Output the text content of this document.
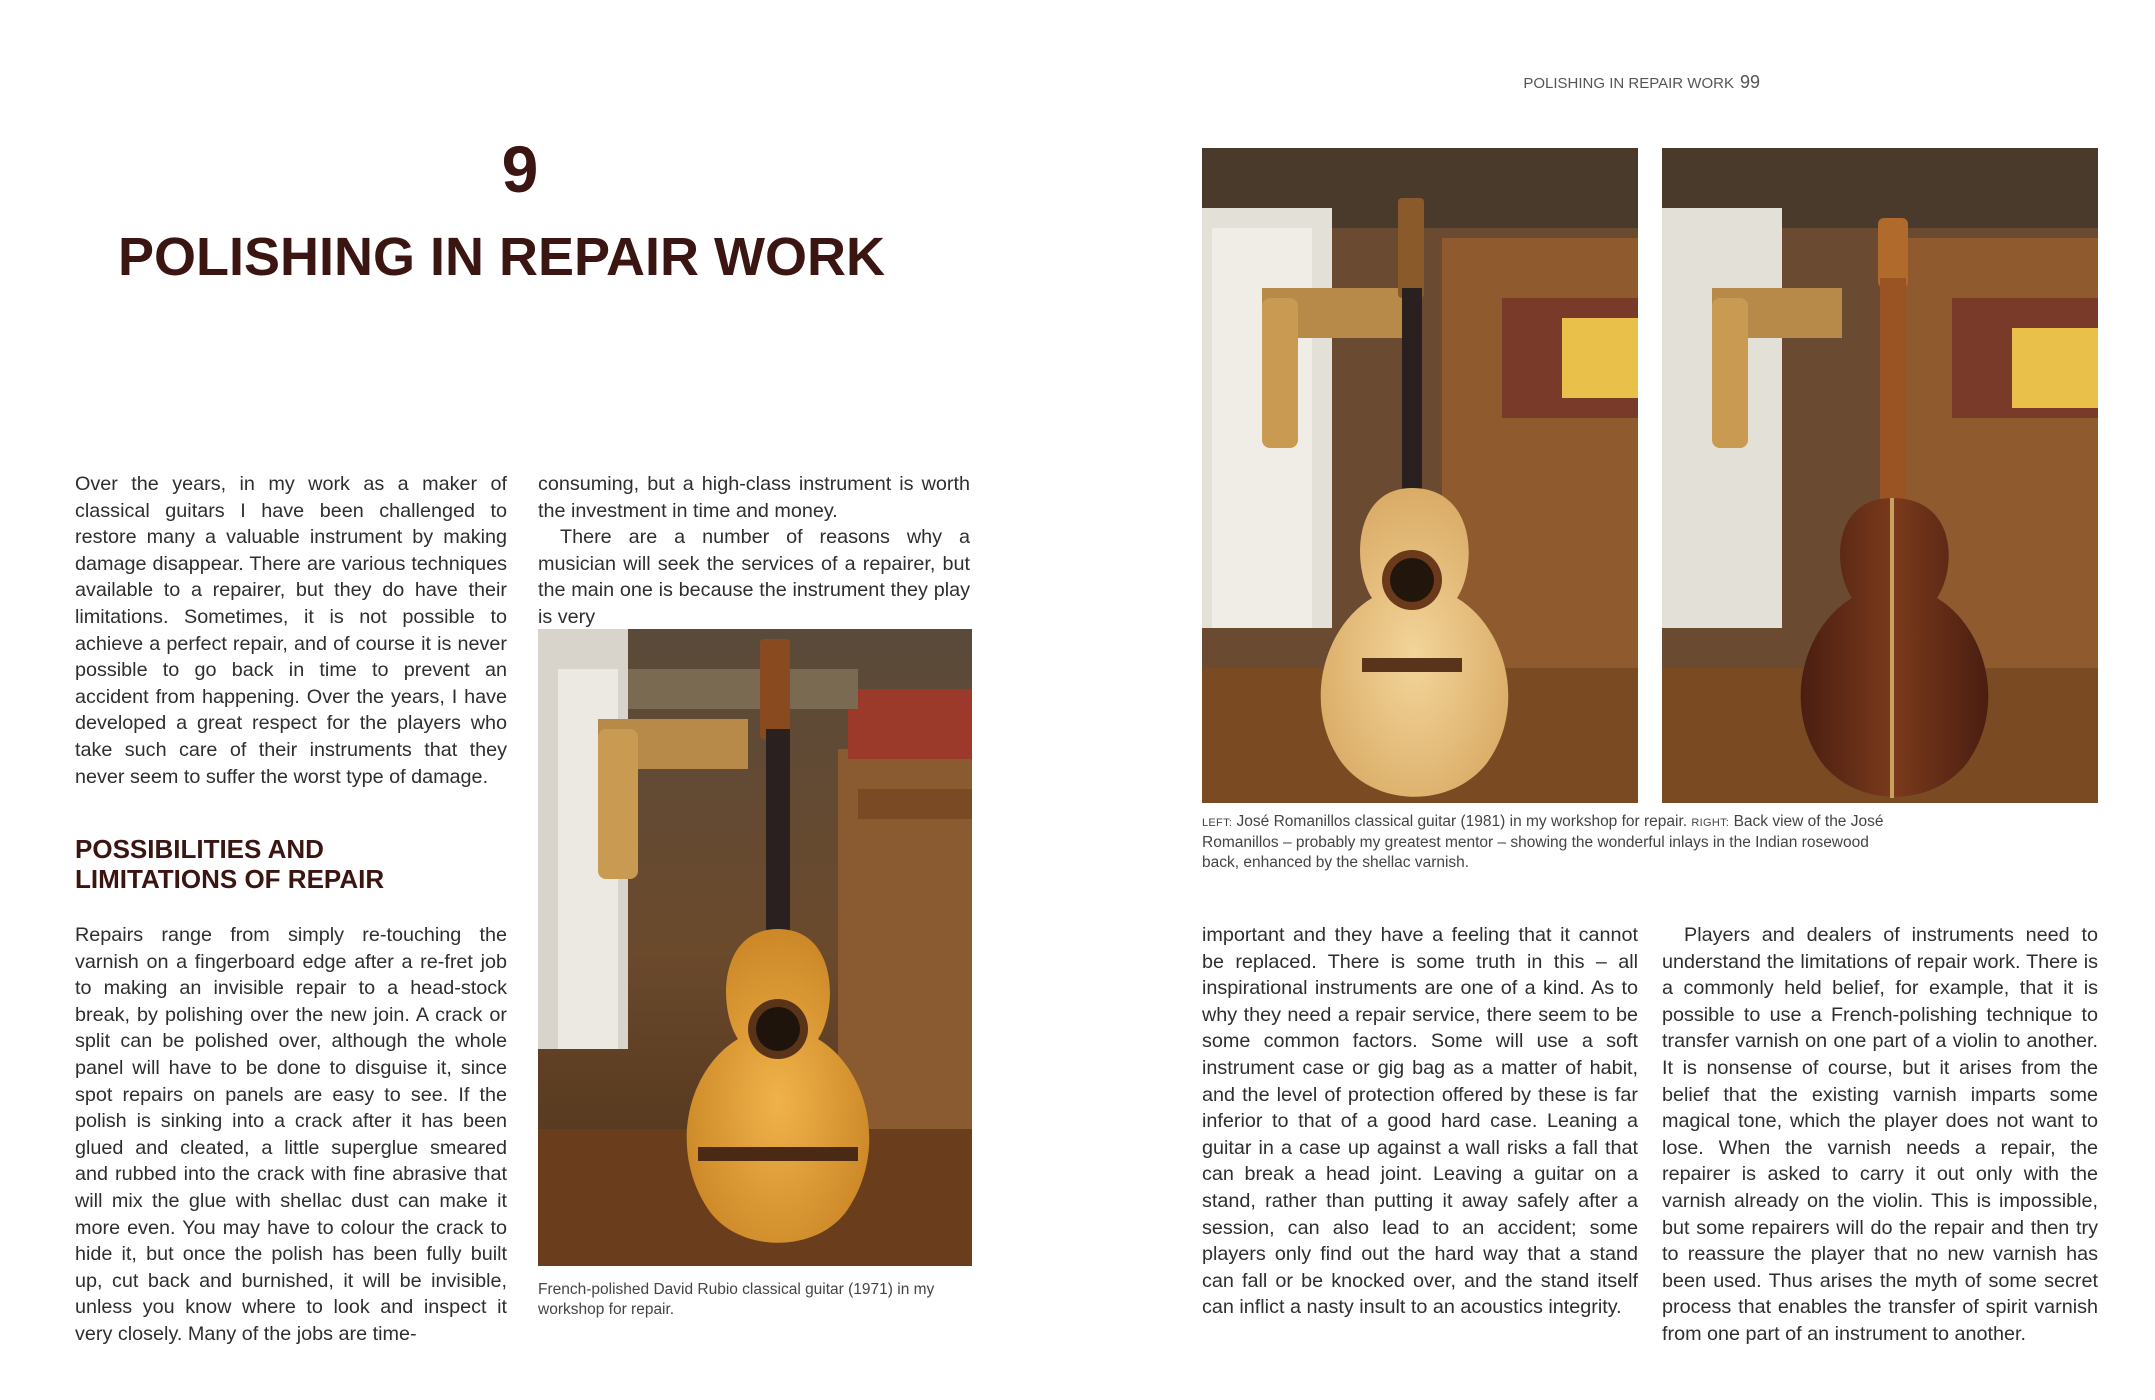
POLISHING IN REPAIR WORK 99
9
POLISHING IN REPAIR WORK

Over the years, in my work as a maker of classical guitars I have been challenged to restore many a valuable instrument by making damage disappear. There are various techniques available to a repairer, but they do have their limitations. Sometimes, it is not possible to achieve a perfect repair, and of course it is never possible to go back in time to prevent an accident from happening. Over the years, I have developed a great respect for the players who take such care of their instruments that they never seem to suffer the worst type of damage.

POSSIBILITIES AND
LIMITATIONS OF REPAIR

Repairs range from simply re-touching the varnish on a fingerboard edge after a re-fret job to making an invisible repair to a head-stock break, by polishing over the new join. A crack or split can be polished over, although the whole panel will have to be done to disguise it, since spot repairs on panels are easy to see. If the polish is sinking into a crack after it has been glued and cleated, a little superglue smeared and rubbed into the crack with fine abrasive that will mix the glue with shellac dust can make it more even. You may have to colour the crack to hide it, but once the polish has been fully built up, cut back and burnished, it will be invisible, unless you know where to look and inspect it very closely. Many of the jobs are time-

consuming, but a high-class instrument is worth the investment in time and money.

There are a number of reasons why a musician will seek the services of a repairer, but the main one is because the instrument they play is very

French-polished David Rubio classical guitar (1971) in my workshop for repair.
LEFT: José Romanillos classical guitar (1981) in my workshop for repair. RIGHT: Back view of the José Romanillos – probably my greatest mentor – showing the wonderful inlays in the Indian rosewood back, enhanced by the shellac varnish.

important and they have a feeling that it cannot be replaced. There is some truth in this – all inspirational instruments are one of a kind. As to why they need a repair service, there seem to be some common factors. Some will use a soft instrument case or gig bag as a matter of habit, and the level of protection offered by these is far inferior to that of a good hard case. Leaning a guitar in a case up against a wall risks a fall that can break a head joint. Leaving a guitar on a stand, rather than putting it away safely after a session, can also lead to an accident; some players only find out the hard way that a stand can fall or be knocked over, and the stand itself can inflict a nasty insult to an acoustics integrity.

Players and dealers of instruments need to understand the limitations of repair work. There is a commonly held belief, for example, that it is possible to use a French-polishing technique to transfer varnish on one part of a violin to another. It is nonsense of course, but it arises from the belief that the existing varnish imparts some magical tone, which the player does not want to lose. When the varnish needs a repair, the repairer is asked to carry it out only with the varnish already on the violin. This is impossible, but some repairers will do the repair and then try to reassure the player that no new varnish has been used. Thus arises the myth of some secret process that enables the transfer of spirit varnish from one part of an instrument to another.
